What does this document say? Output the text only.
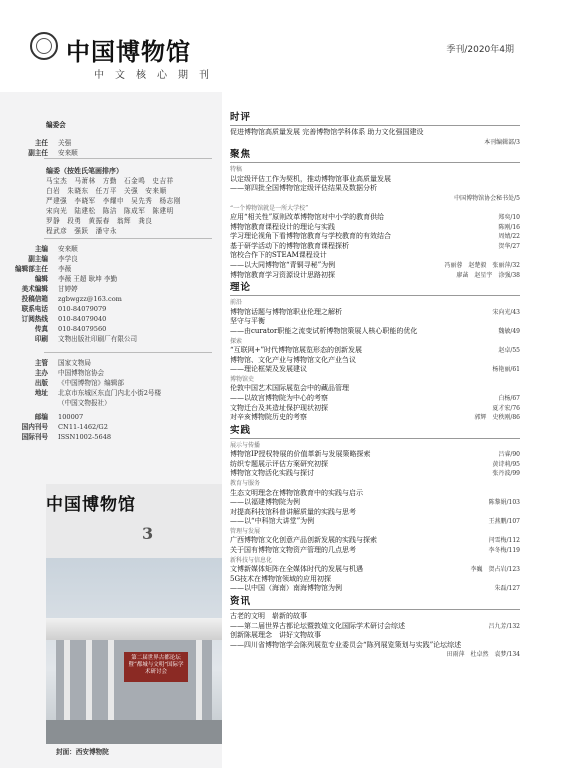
中国博物馆
中文核心期刊
季刊/2020年4期
编委会
主任	关强
副主任	安来顺
编委（按姓氏笔画排序）
马宝杰　马萧林　方勤　石金鸣　史吉祥
白岩　朱晓东　任万平　关强　安来顺
严建强　李晓军　李耀申　吴先秀　杨志刚
宋向光　陆建松　陈洁　陈成军　陈建明
罗静　段勇　黄振春　翁辉　龚良
程武彦　强跃　潘守永
主编	安来顺
副主编	李学良
编辑部主任	李薇
编辑	李薇 王超 耿坤 李勤
美术编辑	甘婷婷
投稿信箱	zgbwgzz@163.com
联系电话	010-84079079
订阅热线	010-84079040
传真	010-84079560
印刷	文物出版社印刷厂有限公司
主管	国家文物局
主办	中国博物馆协会
出版	《中国博物馆》编辑部
地址	北京市东城区东直门内北小街2号楼
（中国文物报社）
邮编	100007
国内刊号	CN11-1462/G2
国际刊号	ISSN1002-5648
中国博物馆
3
第二届世界古都论坛 暨“都城与文明”国际学术研讨会
封面：西安博物院
时评
促进博物馆高质量发展 完善博物馆学科体系 助力文化强国建设
本刊编辑部/3
聚焦
特稿
以定级评估工作为契机，推动博物馆事业高质量发展
——第四批全国博物馆定级评估结果及数据分析
中国博物馆协会秘书处/5
“一个博物馆就是一所大学校”
应用“相关性”原则改革博物馆对中小学的教育供给	郑奕/10
博物馆教育课程设计的理论与实践	陈刚/16
学习理论视角下看博物馆教育与学校教育的有效结合	周婧/22
基于研学活动下的博物馆教育课程探析	贺华/27
馆校合作下的STEAM课程设计
——以大同博物馆“青铜寻秘”为例	冯丽蓉　赵楚毅　张丽萍/32
博物馆教育学习资源设计思路初探	廖菡　赵星宇　涂强/38
理论
前沿
博物馆话题与博物馆职业伦理之解析	宋向光/43
坚守与平衡
——由curator职能之流变试析博物馆策展人核心职能的优化	魏敏/49
探索
“互联网+”时代博物馆展览形态的创新发展	赵卓/55
博物馆、文化产业与博物馆文化产业刍议
——理论框架及发展建议	杨艳丽/61
博物馆史
伦敦中国艺术国际展览会中的藏品管理
——以故宫博物院为中心的考察	白杨/67
文物迁台及其造址保护现状初探	夏才宏/76
对辛亥博物院历史的考察	郭辉　史秩刚/86
实践
展示与传播
博物馆IP授权特展的价值革新与发展策略探索	吕睿/90
纺织专题展示评估方案研究初探	黄诗莉/95
博物馆文物活化实践与探讨	张丹波/99
教育与服务
生态文明理念在博物馆教育中的实践与启示
——以福建博物院为例	陈黎娟/103
对提高科技馆科普讲解质量的实践与思考
——以“中科馆大讲堂”为例	王燕鹏/107
管理与发展
广西博物馆文化创意产品创新发展的实践与探索	闫雪梅/112
关于国有博物馆文物资产管理的几点思考	李冬梅/119
新科技与信息化
文博新媒体矩阵在全媒体时代的发展与机遇	李巍　贺占岩/123
5G技术在博物馆领域的应用初探
——以中国（海南）南海博物馆为例	朱磊/127
资讯
古老的文明　崭新的故事
——第二届世界古都论坛暨敦煌文化国际学术研讨会综述	吕九芳/132
创新陈展理念　讲好文物故事
——四川省博物馆学会陈列展览专业委员会“陈列展览策划与实践”论坛综述
田雨萍　杜卓然　袁梦/134
